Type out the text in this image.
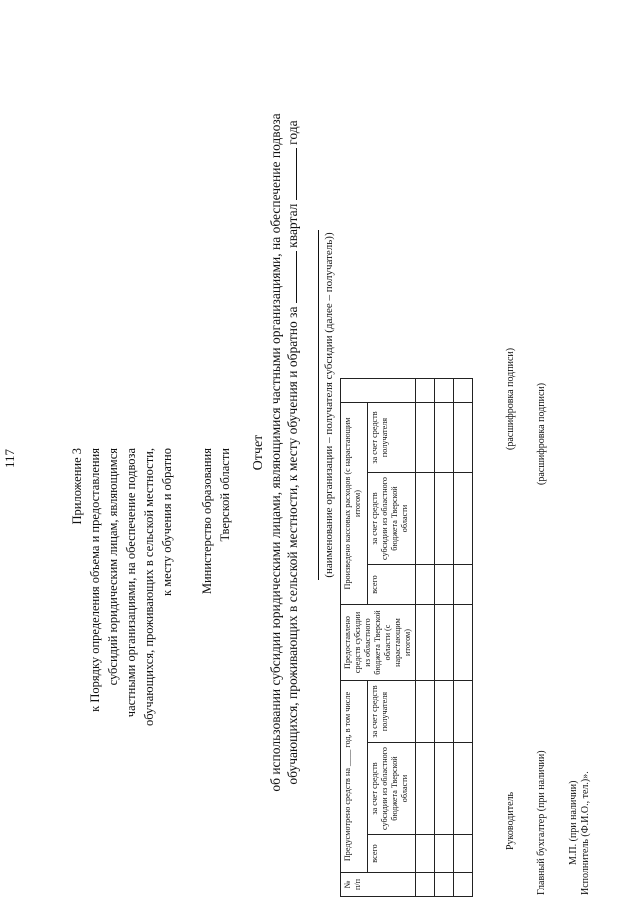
117	Приложение 3 к Порядку определения объема и предоставления субсидий юридическим лицам, являющимся частными организациями, на обеспечение подвоза обучающихся, проживающих в сельской местности, к месту обучения и обратно Министерство образования Тверской области Отчет об использовании субсидии юридическими лицами, являющимися частными организациями, на обеспечение подвоза обучающихся, проживающих в сельской местности, к месту обучения и обратно за  квартал  года
(наименование организации – получателя субсидии (далее – получатель))
№
п/п	Предусмотрено средств на ____ год, в том числе			Предоставлено средств субсидии из областного бюджета Тверской области (с нарастающим итогом)	Произведено кассовых расходов (с нарастающим итогом)			
	всего	за счет средств субсидии из областного бюджета Тверской области	за счет средств получателя		всего	за счет средств субсидии из областного бюджета Тверской области	за счет средств получателя	

Руководитель
(расшифровка подписи)
Главный бухгалтер (при наличии)
(расшифровка подписи)
М.П. (при наличии) Исполнитель (Ф.И.О., тел.)».
